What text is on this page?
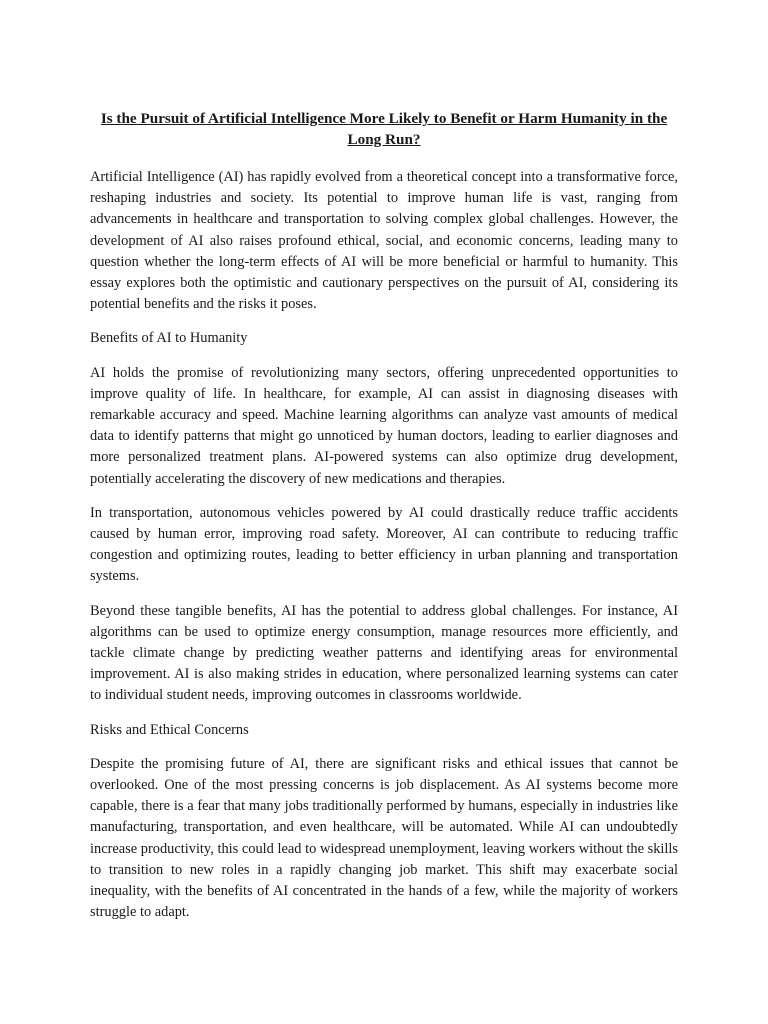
Is the Pursuit of Artificial Intelligence More Likely to Benefit or Harm Humanity in the Long Run?

Artificial Intelligence (AI) has rapidly evolved from a theoretical concept into a transformative force, reshaping industries and society. Its potential to improve human life is vast, ranging from advancements in healthcare and transportation to solving complex global challenges. However, the development of AI also raises profound ethical, social, and economic concerns, leading many to question whether the long-term effects of AI will be more beneficial or harmful to humanity. This essay explores both the optimistic and cautionary perspectives on the pursuit of AI, considering its potential benefits and the risks it poses.

Benefits of AI to Humanity

AI holds the promise of revolutionizing many sectors, offering unprecedented opportunities to improve quality of life. In healthcare, for example, AI can assist in diagnosing diseases with remarkable accuracy and speed. Machine learning algorithms can analyze vast amounts of medical data to identify patterns that might go unnoticed by human doctors, leading to earlier diagnoses and more personalized treatment plans. AI-powered systems can also optimize drug development, potentially accelerating the discovery of new medications and therapies.

In transportation, autonomous vehicles powered by AI could drastically reduce traffic accidents caused by human error, improving road safety. Moreover, AI can contribute to reducing traffic congestion and optimizing routes, leading to better efficiency in urban planning and transportation systems.

Beyond these tangible benefits, AI has the potential to address global challenges. For instance, AI algorithms can be used to optimize energy consumption, manage resources more efficiently, and tackle climate change by predicting weather patterns and identifying areas for environmental improvement. AI is also making strides in education, where personalized learning systems can cater to individual student needs, improving outcomes in classrooms worldwide.

Risks and Ethical Concerns

Despite the promising future of AI, there are significant risks and ethical issues that cannot be overlooked. One of the most pressing concerns is job displacement. As AI systems become more capable, there is a fear that many jobs traditionally performed by humans, especially in industries like manufacturing, transportation, and even healthcare, will be automated. While AI can undoubtedly increase productivity, this could lead to widespread unemployment, leaving workers without the skills to transition to new roles in a rapidly changing job market. This shift may exacerbate social inequality, with the benefits of AI concentrated in the hands of a few, while the majority of workers struggle to adapt.
